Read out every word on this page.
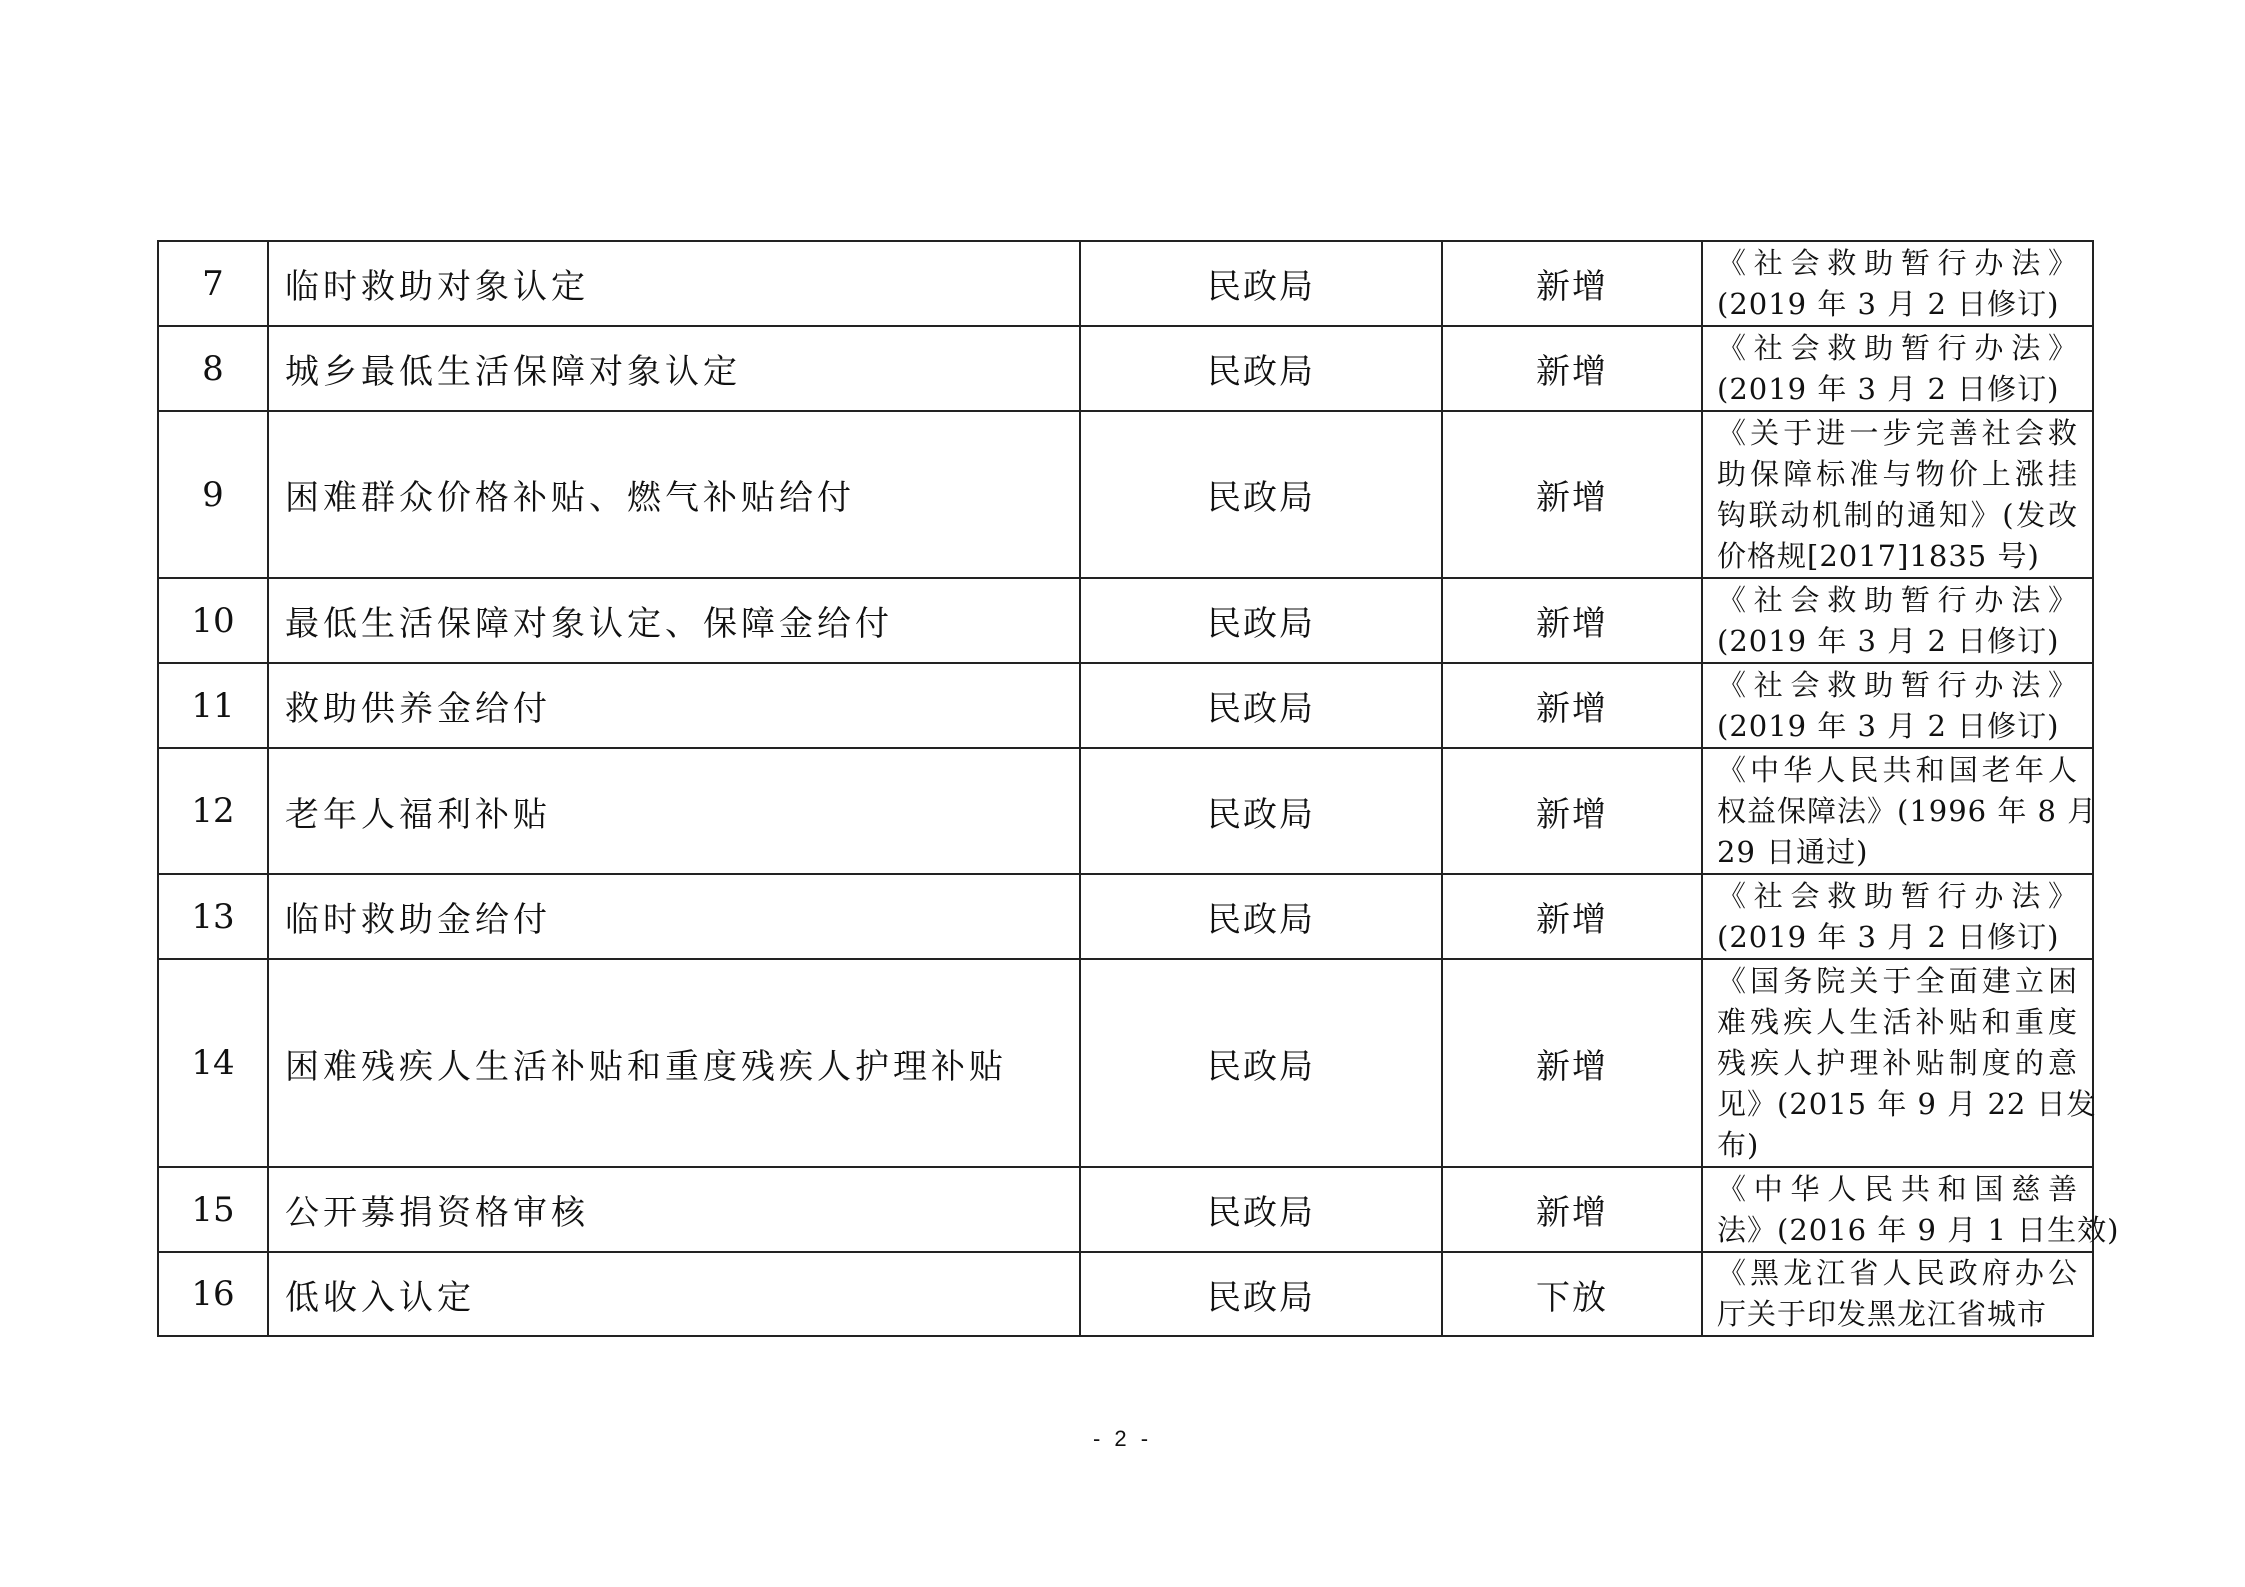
7	临时救助对象认定	民政局	新增	《社会救助暂行办法》
(2019 年 3 月 2 日修订)

8	城乡最低生活保障对象认定	民政局	新增	《社会救助暂行办法》
(2019 年 3 月 2 日修订)

9	困难群众价格补贴、燃气补贴给付	民政局	新增	《关于进一步完善社会救
助保障标准与物价上涨挂
钩联动机制的通知》(发改
价格规[2017]1835 号)

10	最低生活保障对象认定、保障金给付	民政局	新增	《社会救助暂行办法》
(2019 年 3 月 2 日修订)

11	救助供养金给付	民政局	新增	《社会救助暂行办法》
(2019 年 3 月 2 日修订)

12	老年人福利补贴	民政局	新增	《中华人民共和国老年人
权益保障法》(1996 年 8 月
29 日通过)

13	临时救助金给付	民政局	新增	《社会救助暂行办法》
(2019 年 3 月 2 日修订)

14	困难残疾人生活补贴和重度残疾人护理补贴	民政局	新增	《国务院关于全面建立困
难残疾人生活补贴和重度
残疾人护理补贴制度的意
见》(2015 年 9 月 22 日发
布)

15	公开募捐资格审核	民政局	新增	《中华人民共和国慈善
法》(2016 年 9 月 1 日生效)

16	低收入认定	民政局	下放	《黑龙江省人民政府办公
厅关于印发黑龙江省城市
- 2 -
